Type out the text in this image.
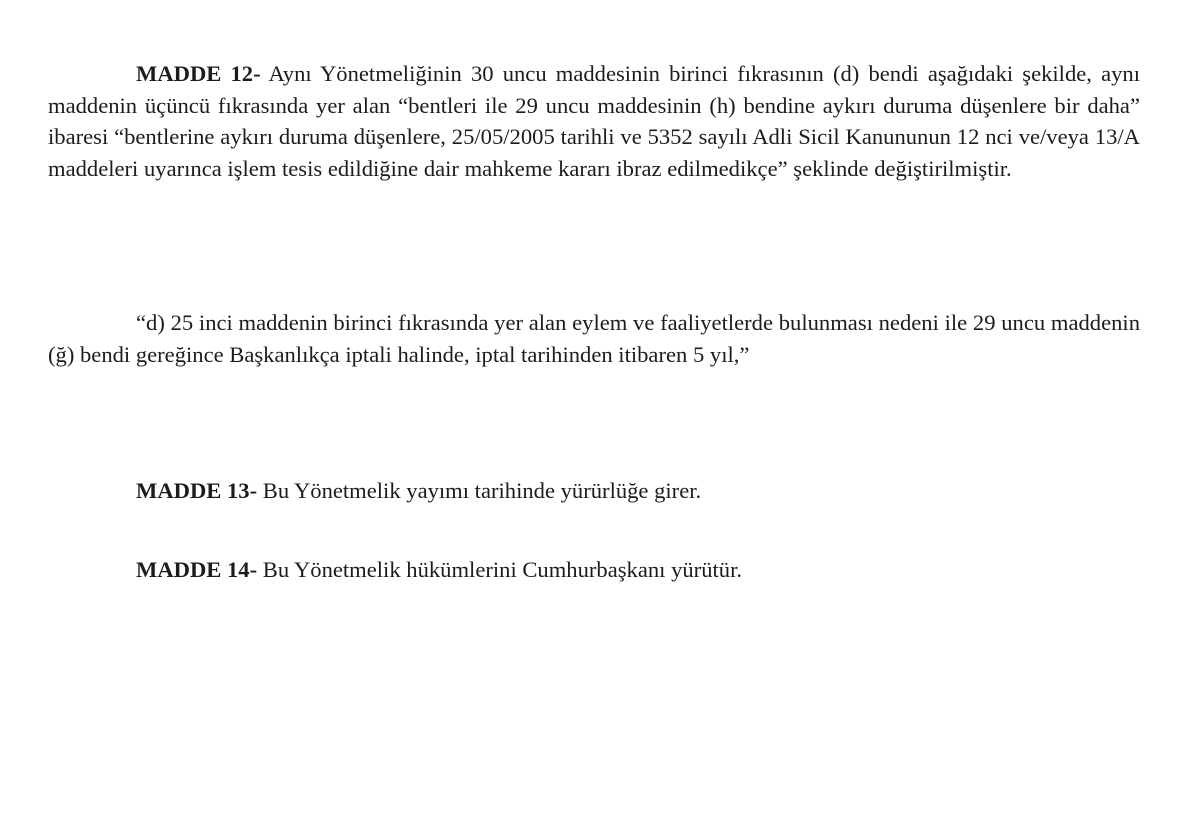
MADDE 12- Aynı Yönetmeliğinin 30 uncu maddesinin birinci fıkrasının (d) bendi aşağıdaki şekilde, aynı maddenin üçüncü fıkrasında yer alan “bentleri ile 29 uncu maddesinin (h) bendine aykırı duruma düşenlere bir daha” ibaresi “bentlerine aykırı duruma düşenlere, 25/05/2005 tarihli ve 5352 sayılı Adli Sicil Kanununun 12 nci ve/veya 13/A maddeleri uyarınca işlem tesis edildiğine dair mahkeme kararı ibraz edilmedikçe” şeklinde değiştirilmiştir.
“d) 25 inci maddenin birinci fıkrasında yer alan eylem ve faaliyetlerde bulunması nedeni ile 29 uncu maddenin (ğ) bendi gereğince Başkanlıkça iptali halinde, iptal tarihinden itibaren 5 yıl,”
MADDE 13- Bu Yönetmelik yayımı tarihinde yürürlüğe girer.
MADDE 14- Bu Yönetmelik hükümlerini Cumhurbaşkanı yürütür.
